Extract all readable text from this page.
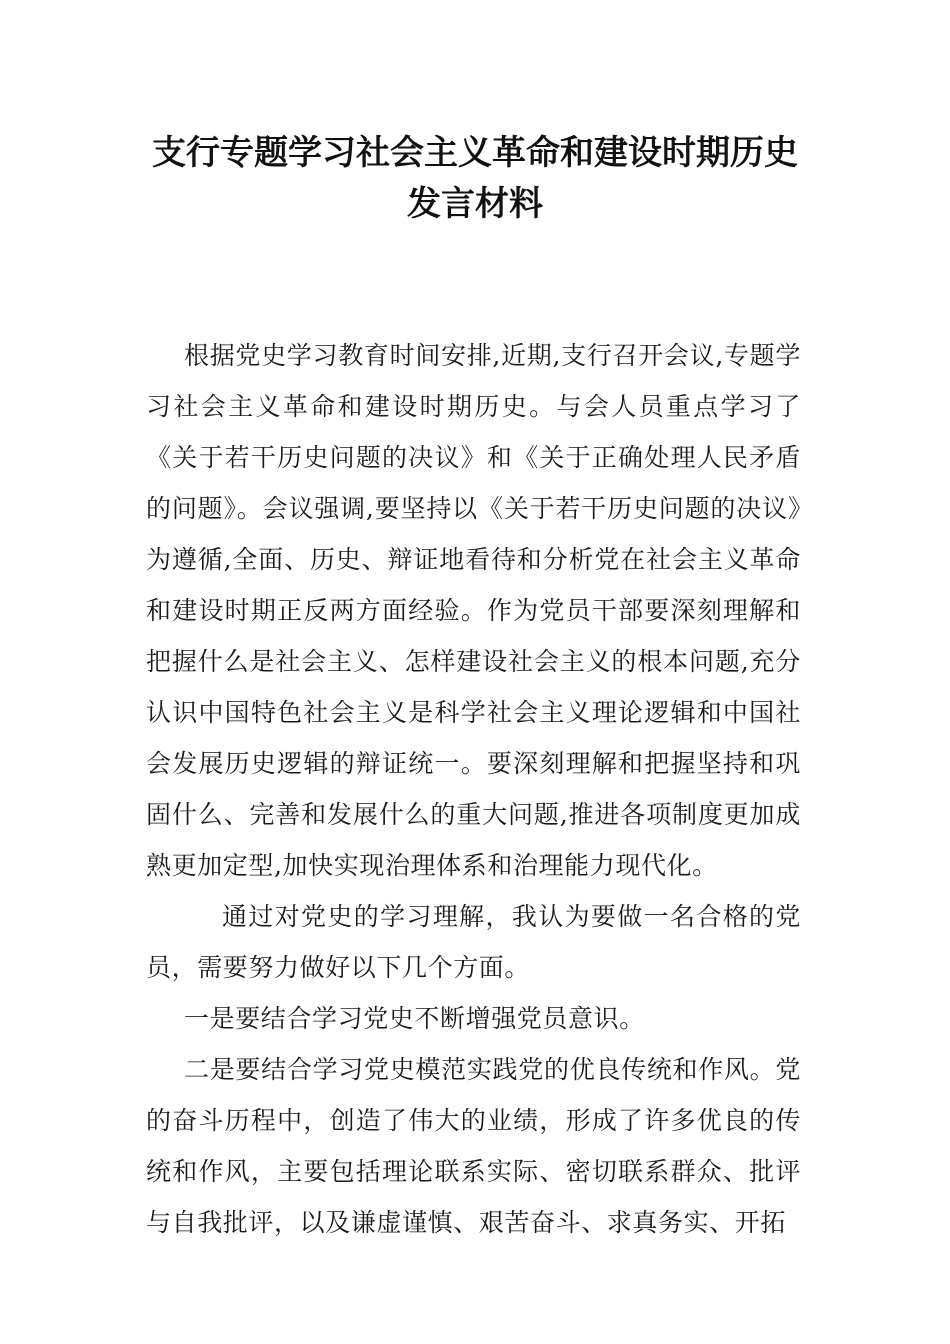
支行专题学习社会主义革命和建设时期历史发言材料

根据党史学习教育时间安排,近期,支行召开会议,专题学习社会主义革命和建设时期历史。与会人员重点学习了《关于若干历史问题的决议》和《关于正确处理人民矛盾的问题》。会议强调,要坚持以《关于若干历史问题的决议》为遵循,全面、历史、辩证地看待和分析党在社会主义革命和建设时期正反两方面经验。作为党员干部要深刻理解和把握什么是社会主义、怎样建设社会主义的根本问题,充分认识中国特色社会主义是科学社会主义理论逻辑和中国社会发展历史逻辑的辩证统一。要深刻理解和把握坚持和巩固什么、完善和发展什么的重大问题,推进各项制度更加成熟更加定型,加快实现治理体系和治理能力现代化。

通过对党史的学习理解，我认为要做一名合格的党员，需要努力做好以下几个方面。

一是要结合学习党史不断增强党员意识。

二是要结合学习党史模范实践党的优良传统和作风。党的奋斗历程中，创造了伟大的业绩，形成了许多优良的传统和作风，主要包括理论联系实际、密切联系群众、批评与自我批评，以及谦虚谨慎、艰苦奋斗、求真务实、开拓
